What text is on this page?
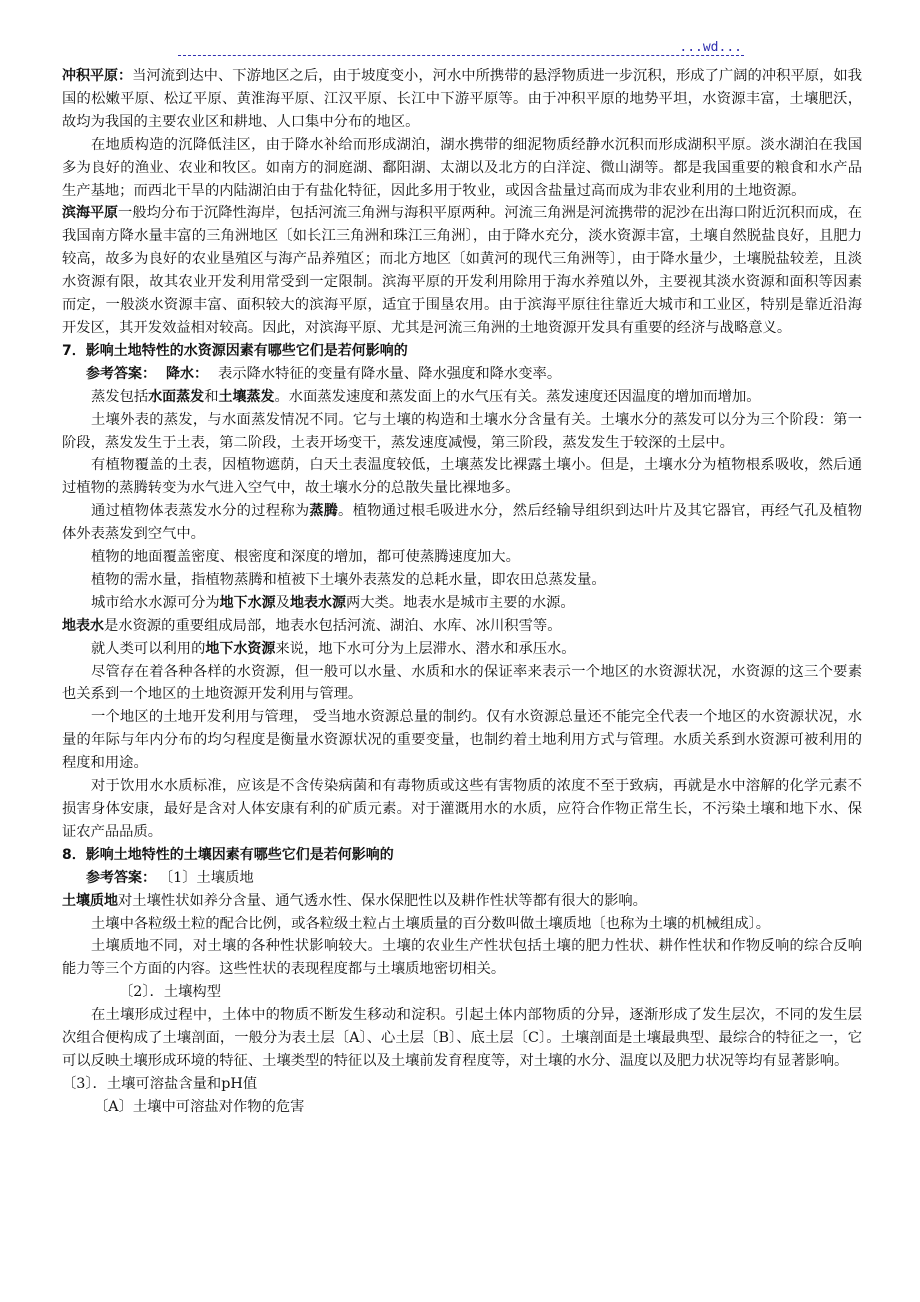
...wd...

冲积平原：当河流到达中、下游地区之后，由于坡度变小，河水中所携带的悬浮物质进一步沉积，形成了广阔的冲积平原，如我国的松嫩平原、松辽平原、黄淮海平原、江汉平原、长江中下游平原等。由于冲积平原的地势平坦，水资源丰富，土壤肥沃，故均为我国的主要农业区和耕地、人口集中分布的地区。

在地质构造的沉降低洼区，由于降水补给而形成湖泊，湖水携带的细泥物质经静水沉积而形成湖积平原。淡水湖泊在我国多为良好的渔业、农业和牧区。如南方的洞庭湖、鄱阳湖、太湖以及北方的白洋淀、微山湖等。都是我国重要的粮食和水产品生产基地；而西北干旱的内陆湖泊由于有盐化特征，因此多用于牧业，或因含盐量过高而成为非农业利用的土地资源。

滨海平原一般均分布于沉降性海岸，包括河流三角洲与海积平原两种。河流三角洲是河流携带的泥沙在出海口附近沉积而成，在我国南方降水量丰富的三角洲地区〔如长江三角洲和珠江三角洲〕，由于降水充分，淡水资源丰富，土壤自然脱盐良好，且肥力较高，故多为良好的农业垦殖区与海产品养殖区；而北方地区〔如黄河的现代三角洲等〕，由于降水量少，土壤脱盐较差，且淡水资源有限，故其农业开发利用常受到一定限制。滨海平原的开发利用除用于海水养殖以外，主要视其淡水资源和面积等因素而定，一般淡水资源丰富、面积较大的滨海平原，适宜于围垦农用。由于滨海平原往往靠近大城市和工业区，特别是靠近沿海开发区，其开发效益相对较高。因此，对滨海平原、尤其是河流三角洲的土地资源开发具有重要的经济与战略意义。

7．影响土地特性的水资源因素有哪些它们是若何影响的

参考答案： 降水： 表示降水特征的变量有降水量、降水强度和降水变率。

蒸发包括水面蒸发和土壤蒸发。水面蒸发速度和蒸发面上的水气压有关。蒸发速度还因温度的增加而增加。

土壤外表的蒸发，与水面蒸发情况不同。它与土壤的构造和土壤水分含量有关。土壤水分的蒸发可以分为三个阶段：第一阶段，蒸发发生于土表，第二阶段，土表开场变干，蒸发速度减慢，第三阶段，蒸发发生于较深的土层中。

有植物覆盖的土表，因植物遮荫，白天土表温度较低，土壤蒸发比裸露土壤小。但是，土壤水分为植物根系吸收，然后通过植物的蒸腾转变为水气进入空气中，故土壤水分的总散失量比裸地多。

通过植物体表蒸发水分的过程称为蒸腾。植物通过根毛吸进水分，然后经输导组织到达叶片及其它器官，再经气孔及植物体外表蒸发到空气中。

植物的地面覆盖密度、根密度和深度的增加，都可使蒸腾速度加大。

植物的需水量，指植物蒸腾和植被下土壤外表蒸发的总耗水量，即农田总蒸发量。

城市给水水源可分为地下水源及地表水源两大类。地表水是城市主要的水源。

地表水是水资源的重要组成局部，地表水包括河流、湖泊、水库、冰川积雪等。

就人类可以利用的地下水资源来说，地下水可分为上层滞水、潜水和承压水。

尽管存在着各种各样的水资源，但一般可以水量、水质和水的保证率来表示一个地区的水资源状况，水资源的这三个要素也关系到一个地区的土地资源开发利用与管理。

一个地区的土地开发利用与管理， 受当地水资源总量的制约。仅有水资源总量还不能完全代表一个地区的水资源状况，水量的年际与年内分布的均匀程度是衡量水资源状况的重要变量，也制约着土地利用方式与管理。水质关系到水资源可被利用的程度和用途。

对于饮用水水质标准，应该是不含传染病菌和有毒物质或这些有害物质的浓度不至于致病，再就是水中溶解的化学元素不损害身体安康，最好是含对人体安康有利的矿质元素。对于灌溉用水的水质，应符合作物正常生长，不污染土壤和地下水、保证农产品品质。

8．影响土地特性的土壤因素有哪些它们是若何影响的

参考答案： 〔1〕土壤质地

土壤质地对土壤性状如养分含量、通气透水性、保水保肥性以及耕作性状等都有很大的影响。

土壤中各粒级土粒的配合比例，或各粒级土粒占土壤质量的百分数叫做土壤质地〔也称为土壤的机械组成〕。

土壤质地不同，对土壤的各种性状影响较大。土壤的农业生产性状包括土壤的肥力性状、耕作性状和作物反响的综合反响能力等三个方面的内容。这些性状的表现程度都与土壤质地密切相关。

〔2〕．土壤构型

在土壤形成过程中，土体中的物质不断发生移动和淀积。引起土体内部物质的分异，逐渐形成了发生层次，不同的发生层次组合便构成了土壤剖面，一般分为表土层〔A〕、心土层〔B〕、底土层〔C〕。土壤剖面是土壤最典型、最综合的特征之一，它可以反映土壤形成环境的特征、土壤类型的特征以及土壤前发育程度等，对土壤的水分、温度以及肥力状况等均有显著影响。

〔3〕．土壤可溶盐含量和pH值

〔A〕土壤中可溶盐对作物的危害
